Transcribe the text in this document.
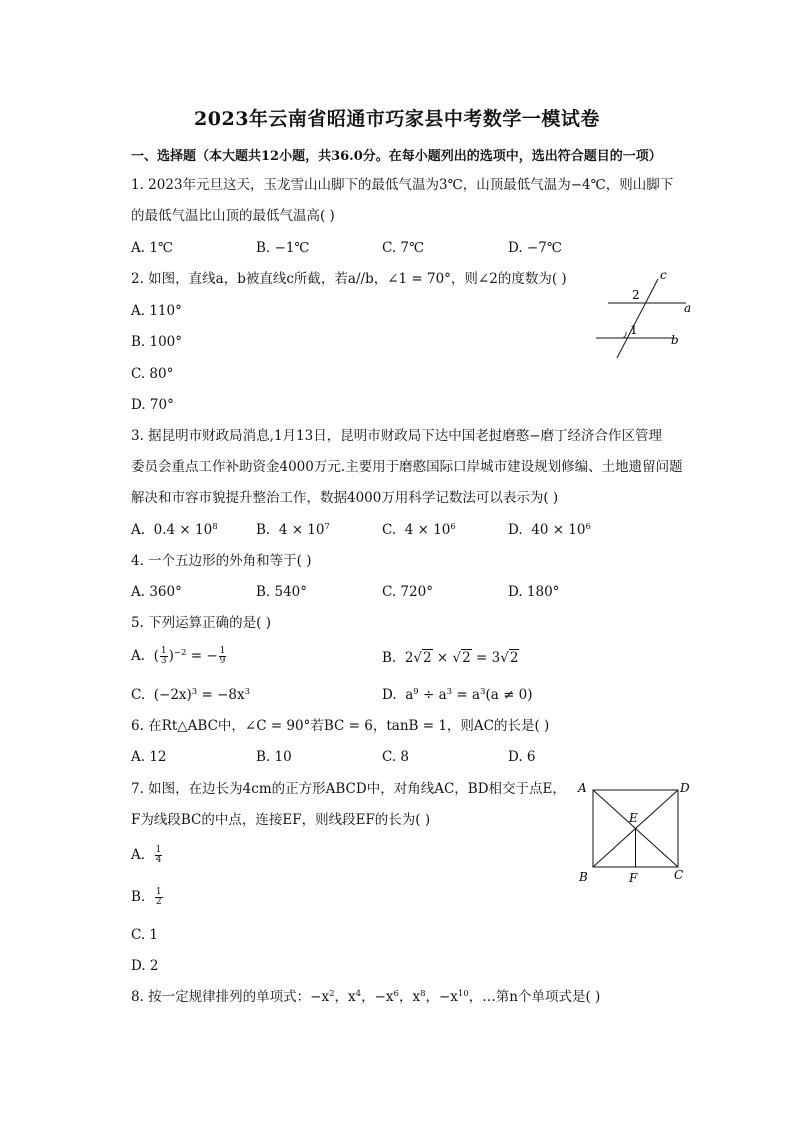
2023年云南省昭通市巧家县中考数学一模试卷
一、选择题（本大题共12小题，共36.0分。在每小题列出的选项中，选出符合题目的一项）
1. 2023年元旦这天，玉龙雪山山脚下的最低气温为3℃，山顶最低气温为−4℃，则山脚下
的最低气温比山顶的最低气温高( )
A. 1℃	B. −1℃	C. 7℃	D. −7℃
2. 如图，直线a，b被直线c所截，若a//b，∠1 = 70°，则∠2的度数为( )
A. 110°
B. 100°
C. 80°
D. 70°
c
a
b
1
2
3. 据昆明市财政局消息,1月13日，昆明市财政局下达中国老挝磨憨−磨丁经济合作区管理
委员会重点工作补助资金4000万元.主要用于磨憨国际口岸城市建设规划修编、土地遗留问题
解决和市容市貌提升整治工作，数据4000万用科学记数法可以表示为( )
A. $0.4 \times 10^8$	B. $4 \times 10^7$	C. $4 \times 10^6$	D. $40 \times 10^6$
4. 一个五边形的外角和等于( )
A. 360°	B. 540°	C. 720°	D. 180°
5. 下列运算正确的是( )
A.  ( $\frac{1}{3} )^{-2}$ = − $\frac{1}{9}$	B. 2√2 × √2 = 3√2
C. $(-2x)^3 = -8x^3$	D. $a^9 \div a^3 = a^3(a \ne 0)$
6. 在Rt△ABC中，∠C = 90°若BC = 6，tanB = 1，则AC的长是( )
A. 12	B. 10	C. 8	D. 6
7. 如图，在边长为4cm的正方形ABCD中，对角线AC，BD相交于点E，
F为线段BC的中点，连接EF，则线段EF的长为( )
A. $\frac{1}{4}$
B. $\frac{1}{2}$
C. 1
D. 2
A	D
E
B	F	C
8. 按一定规律排列的单项式：$-x^2$，$x^4$，$-x^6$，$x^8$，$-x^{10}$，…第n个单项式是( )
